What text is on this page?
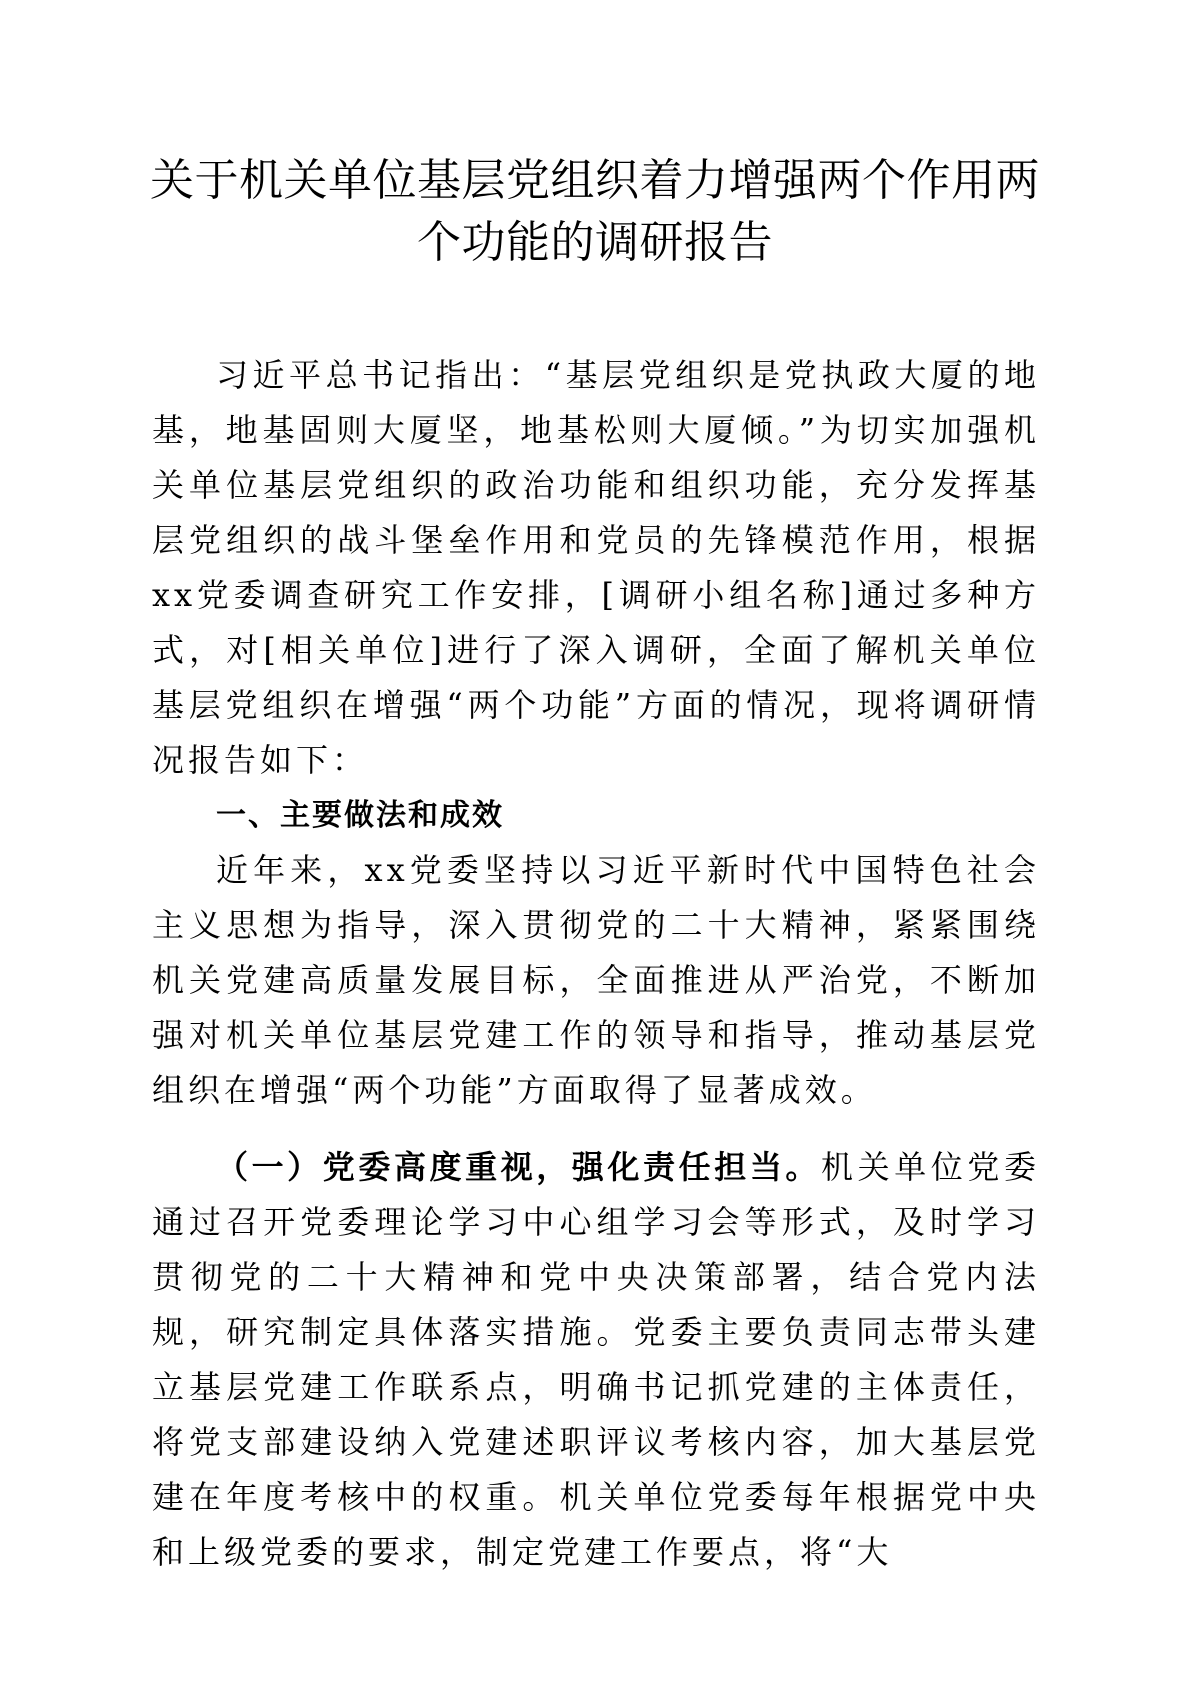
关于机关单位基层党组织着力增强两个作用两
个功能的调研报告

习近平总书记指出：“基层党组织是党执政大厦的地基，地基固则大厦坚，地基松则大厦倾。”为切实加强机关单位基层党组织的政治功能和组织功能，充分发挥基层党组织的战斗堡垒作用和党员的先锋模范作用，根据xx党委调查研究工作安排，[调研小组名称]通过多种方式，对[相关单位]进行了深入调研，全面了解机关单位基层党组织在增强“两个功能”方面的情况，现将调研情况报告如下：

一、主要做法和成效

近年来，xx党委坚持以习近平新时代中国特色社会主义思想为指导，深入贯彻党的二十大精神，紧紧围绕机关党建高质量发展目标，全面推进从严治党，不断加强对机关单位基层党建工作的领导和指导，推动基层党组织在增强“两个功能”方面取得了显著成效。

（一）党委高度重视，强化责任担当。机关单位党委通过召开党委理论学习中心组学习会等形式，及时学习贯彻党的二十大精神和党中央决策部署，结合党内法规，研究制定具体落实措施。党委主要负责同志带头建立基层党建工作联系点，明确书记抓党建的主体责任，将党支部建设纳入党建述职评议考核内容，加大基层党建在年度考核中的权重。机关单位党委每年根据党中央和上级党委的要求，制定党建工作要点，将“大
